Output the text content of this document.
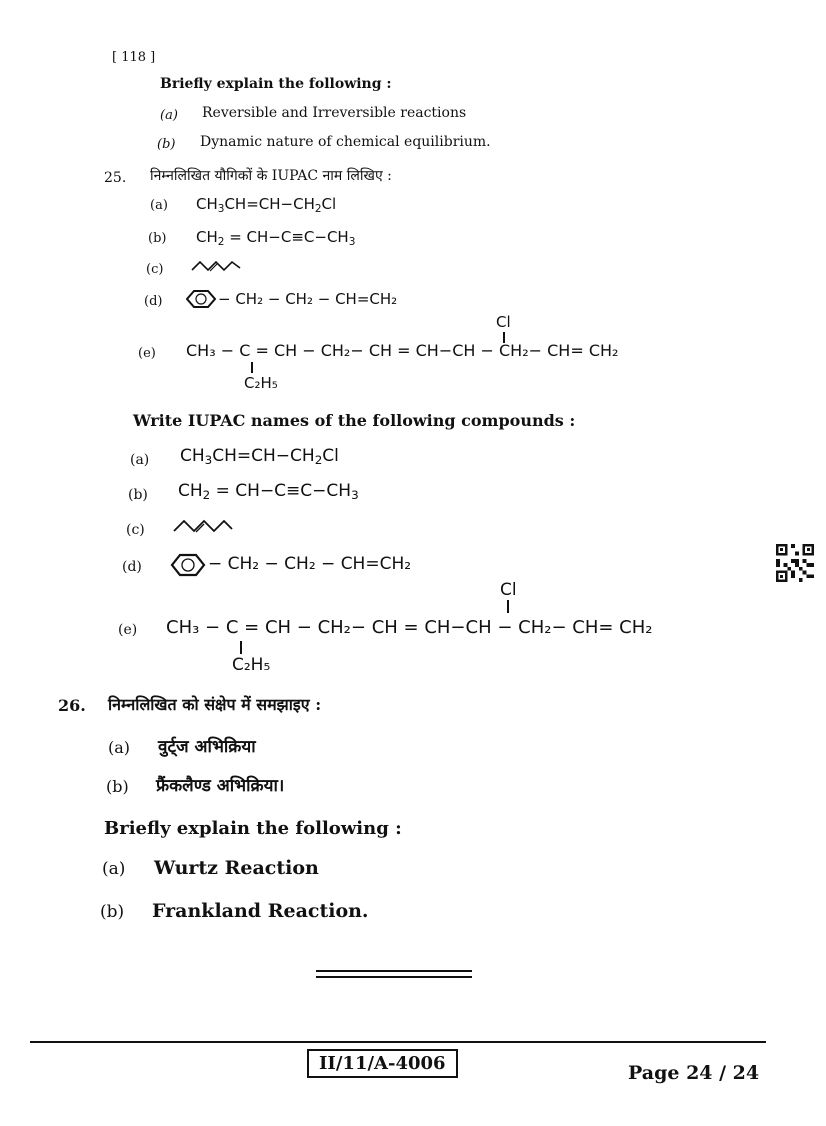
[ 118 ]
Briefly explain the following :
(a) Reversible and Irreversible reactions
(b) Dynamic nature of chemical equilibrium.
25. निम्नलिखित यौगिकों के IUPAC नाम लिखिए :
(a) $CH_3CH=CH-CH_2Cl$
(b) $CH_2 = CH-C\equiv C-CH_3$
(c)
(d)	− CH₂ − CH₂ − CH=CH₂
Cl
(e) CH₃ − C = CH − CH₂− CH = CH−CH − CH₂− CH= CH₂
C₂H₅
Write IUPAC names of the following compounds :
(a) $CH_3CH=CH-CH_2Cl$
(b) $CH_2 = CH-C\equiv C-CH_3$
(c)
(d)	− CH₂ − CH₂ − CH=CH₂
Cl
(e) CH₃ − C = CH − CH₂− CH = CH−CH − CH₂− CH= CH₂
C₂H₅
26. निम्नलिखित को संक्षेप में समझाइए :
(a) वुर्ट्ज अभिक्रिया
(b) फ्रैंकलैण्ड अभिक्रिया।
Briefly explain the following :
(a) Wurtz Reaction
(b) Frankland Reaction.
II/11/A-4006	Page 24 / 24
